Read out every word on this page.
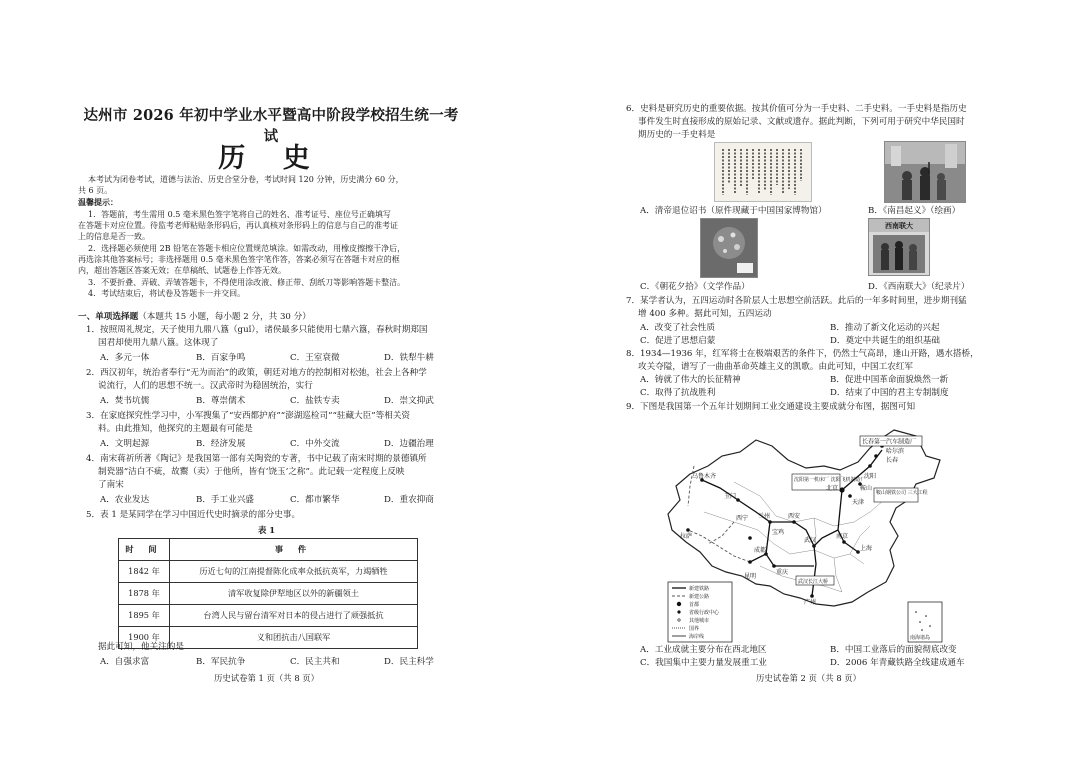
达州市 2026 年初中学业水平暨高中阶段学校招生统一考试
历 史
本考试为闭卷考试，道德与法治、历史合堂分卷，考试时间 120 分钟，历史满分 60 分，
共 6 页。
温馨提示：
1．答题前，考生需用 0.5 毫米黑色签字笔将自己的姓名、准考证号、座位号正确填写
在答题卡对应位置。待监考老师粘贴条形码后，再认真核对条形码上的信息与自己的准考证
上的信息是否一致。
2．选择题必须使用 2B 铅笔在答题卡相应位置规范填涂。如需改动，用橡皮擦擦干净后，
再选涂其他答案标号；非选择题用 0.5 毫米黑色签字笔作答，答案必须写在答题卡对应的框
内，超出答题区答案无效；在草稿纸、试题卷上作答无效。
3．不要折叠、弄破、弄皱答题卡，不得使用涂改液、修正带、刮纸刀等影响答题卡整洁。
4．考试结束后，将试卷及答题卡一并交回。
一、单项选择题（本题共 15 小题，每小题 2 分，共 30 分）
1．按照周礼规定，天子使用九鼎八簋（guǐ），诸侯最多只能使用七鼎六簋，春秋时期郑国
国君却使用九鼎八簋。这体现了
A．多元一体	B．百家争鸣	C．王室衰微	D．铁犁牛耕
2．西汉初年，统治者奉行“无为而治”的政策，朝廷对地方的控制相对松弛，社会上各种学
说流行，人们的思想不统一。汉武帝时为稳固统治，实行
A．焚书坑儒	B．尊崇儒术	C．盐铁专卖	D．崇文抑武
3．在家庭探究性学习中，小军搜集了“安西都护府”“澎湖巡检司”“驻藏大臣”等相关资
料。由此推知，他探究的主题最有可能是
A．文明起源	B．经济发展	C．中外交流	D．边疆治理
4．南宋蒋祈所著《陶记》是我国第一部有关陶瓷的专著，书中记载了南宋时期的景德镇所
制瓷器“洁白不疵，故鬻（卖）于他所，皆有‘饶玉’之称”。此记载一定程度上反映
了南宋
A．农业发达	B．手工业兴盛	C．都市繁华	D．重农抑商
5．表 1 是某同学在学习中国近代史时摘录的部分史事。
表 1
时 间	事 件
1842 年	历近七旬的江南提督陈化成率众抵抗英军，力竭牺牲
1878 年	清军收复除伊犁地区以外的新疆领土
1895 年	台湾人民与留台清军对日本的侵占进行了顽强抵抗
1900 年	义和团抗击八国联军
据此可知，他关注的是
A．自强求富	B．军民抗争	C．民主共和	D．民主科学
历史试卷第 1 页（共 8 页）
6．史料是研究历史的重要依据。按其价值可分为一手史料、二手史料。一手史料是指历史
事件发生时直接形成的原始记录、文献或遗存。据此判断，下列可用于研究中华民国时
期历史的一手史料是
A．清帝退位诏书（原件现藏于中国国家博物馆）	B．《南昌起义》（绘画）
西南联大
C．《朝花夕拾》（文学作品）	D．《西南联大》（纪录片）
7．某学者认为，五四运动时各阶层人士思想空前活跃。此后的一年多时间里，进步期刊猛
增 400 多种。据此可知，五四运动
A．改变了社会性质	B．推动了新文化运动的兴起
C．促进了思想启蒙	D．奠定中共诞生的组织基础
8．1934—1936 年，红军将士在极端艰苦的条件下，仍然士气高昂，逢山开路，遇水搭桥，
攻关夺隘，谱写了一曲曲革命英雄主义的凯歌。由此可知，中国工农红军
A．铸就了伟大的长征精神	B．促进中国革命面貌焕然一新
C．取得了抗战胜利	D．结束了中国的君主专制制度
9．下图是我国第一个五年计划期间工业交通建设主要成就分布图，据图可知
长春第一汽车制造厂
长春
哈尔滨
沈阳第一机床厂 沈阳飞机制造厂
沈阳
鞍山钢铁公司 三大工程
鞍山
北京
天津
乌鲁木齐
玉门
西宁 兰州	西安
宝鸡
成都
重庆
武汉
武汉长江大桥
南京
上海
广州
昆明
拉萨
新建铁路
新建公路
首都
省级行政中心
其他城市
国界
海岸线	南海诸岛
A．工业成就主要分布在西北地区	B．中国工业落后的面貌彻底改变
C．我国集中主要力量发展重工业	D．2006 年青藏铁路全线建成通车
历史试卷第 2 页（共 8 页）
